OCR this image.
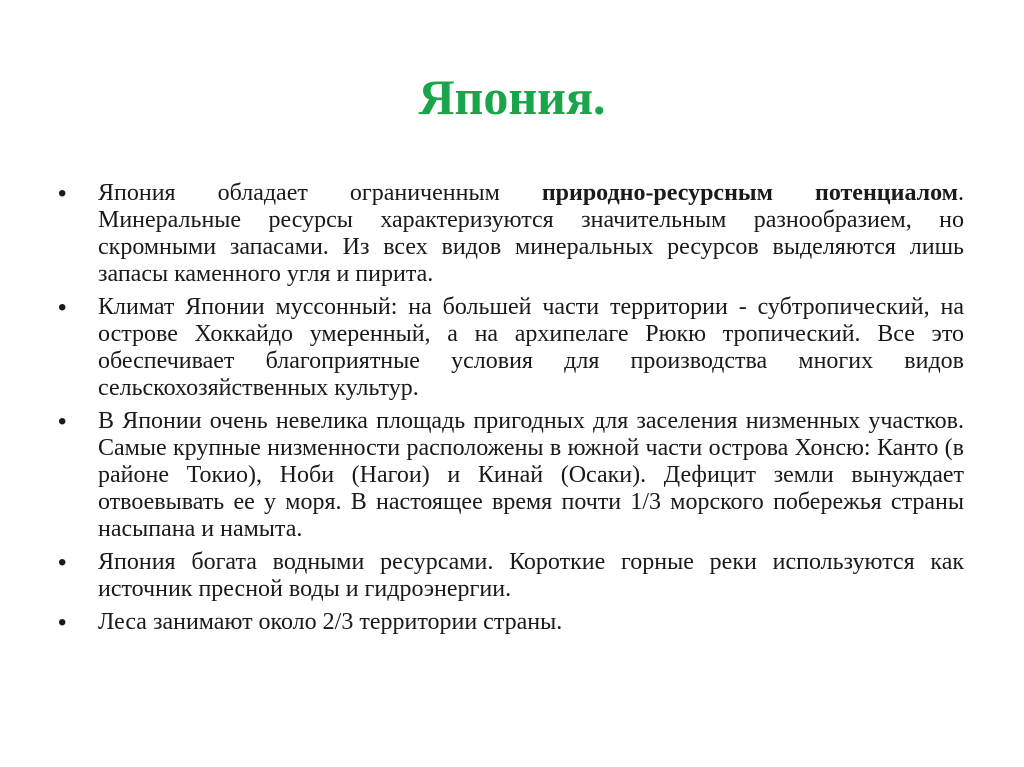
Япония.
• Япония обладает ограниченным природно-ресурсным потенциалом. Минеральные ресурсы характеризуются значительным разнообразием, но скромными запасами. Из всех видов минеральных ресурсов выделяются лишь запасы каменного угля и пирита.
• Климат Японии муссонный: на большей части территории - субтропический, на острове Хоккайдо умеренный, а на архипелаге Рюкю тропический. Все это обеспечивает благоприятные условия для производства многих видов сельскохозяйственных культур.
• В Японии очень невелика площадь пригодных для заселения низменных участков. Самые крупные низменности расположены в южной части острова Хонсю: Канто (в районе Токио), Ноби (Нагои) и Кинай (Осаки). Дефицит земли вынуждает отвоевывать ее у моря. В настоящее время почти 1/3 морского побережья страны насыпана и намыта.
• Япония богата водными ресурсами. Короткие горные реки используются как источник пресной воды и гидроэнергии.
• Леса занимают около 2/3 территории страны.
